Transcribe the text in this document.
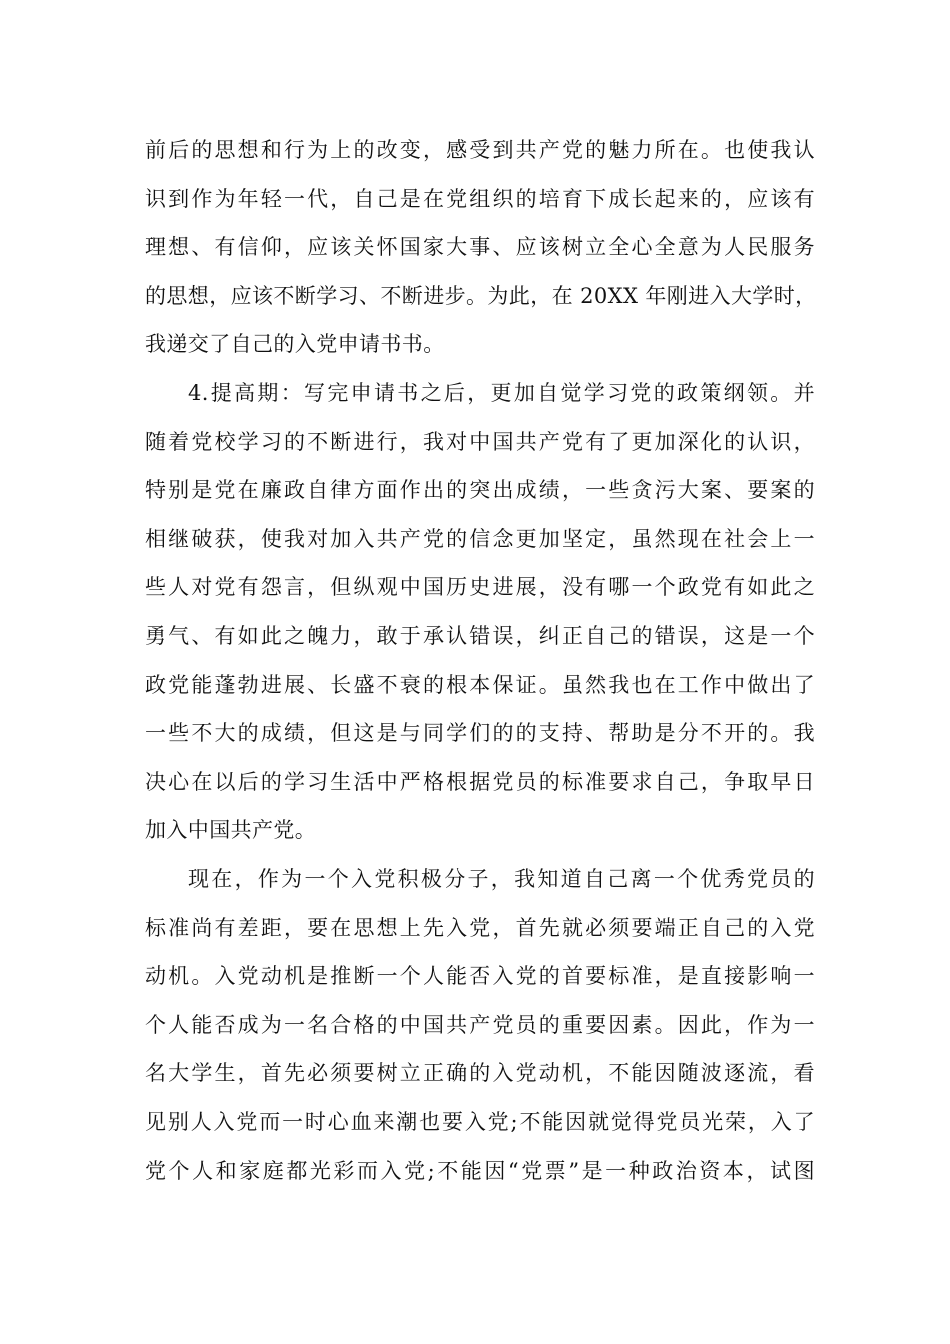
前后的思想和行为上的改变，感受到共产党的魅力所在。也使我认
识到作为年轻一代，自己是在党组织的培育下成长起来的，应该有
理想、有信仰，应该关怀国家大事、应该树立全心全意为人民服务
的思想，应该不断学习、不断进步。为此，在 20XX 年刚进入大学时，
我递交了自己的入党申请书书。
4.提高期：写完申请书之后，更加自觉学习党的政策纲领。并
随着党校学习的不断进行，我对中国共产党有了更加深化的认识，
特别是党在廉政自律方面作出的突出成绩，一些贪污大案、要案的
相继破获，使我对加入共产党的信念更加坚定，虽然现在社会上一
些人对党有怨言，但纵观中国历史进展，没有哪一个政党有如此之
勇气、有如此之魄力，敢于承认错误，纠正自己的错误，这是一个
政党能蓬勃进展、长盛不衰的根本保证。虽然我也在工作中做出了
一些不大的成绩，但这是与同学们的的支持、帮助是分不开的。我
决心在以后的学习生活中严格根据党员的标准要求自己，争取早日
加入中国共产党。
现在，作为一个入党积极分子，我知道自己离一个优秀党员的
标准尚有差距，要在思想上先入党，首先就必须要端正自己的入党
动机。入党动机是推断一个人能否入党的首要标准，是直接影响一
个人能否成为一名合格的中国共产党员的重要因素。因此，作为一
名大学生，首先必须要树立正确的入党动机，不能因随波逐流，看
见别人入党而一时心血来潮也要入党;不能因就觉得党员光荣，入了
党个人和家庭都光彩而入党;不能因“党票”是一种政治资本，试图
